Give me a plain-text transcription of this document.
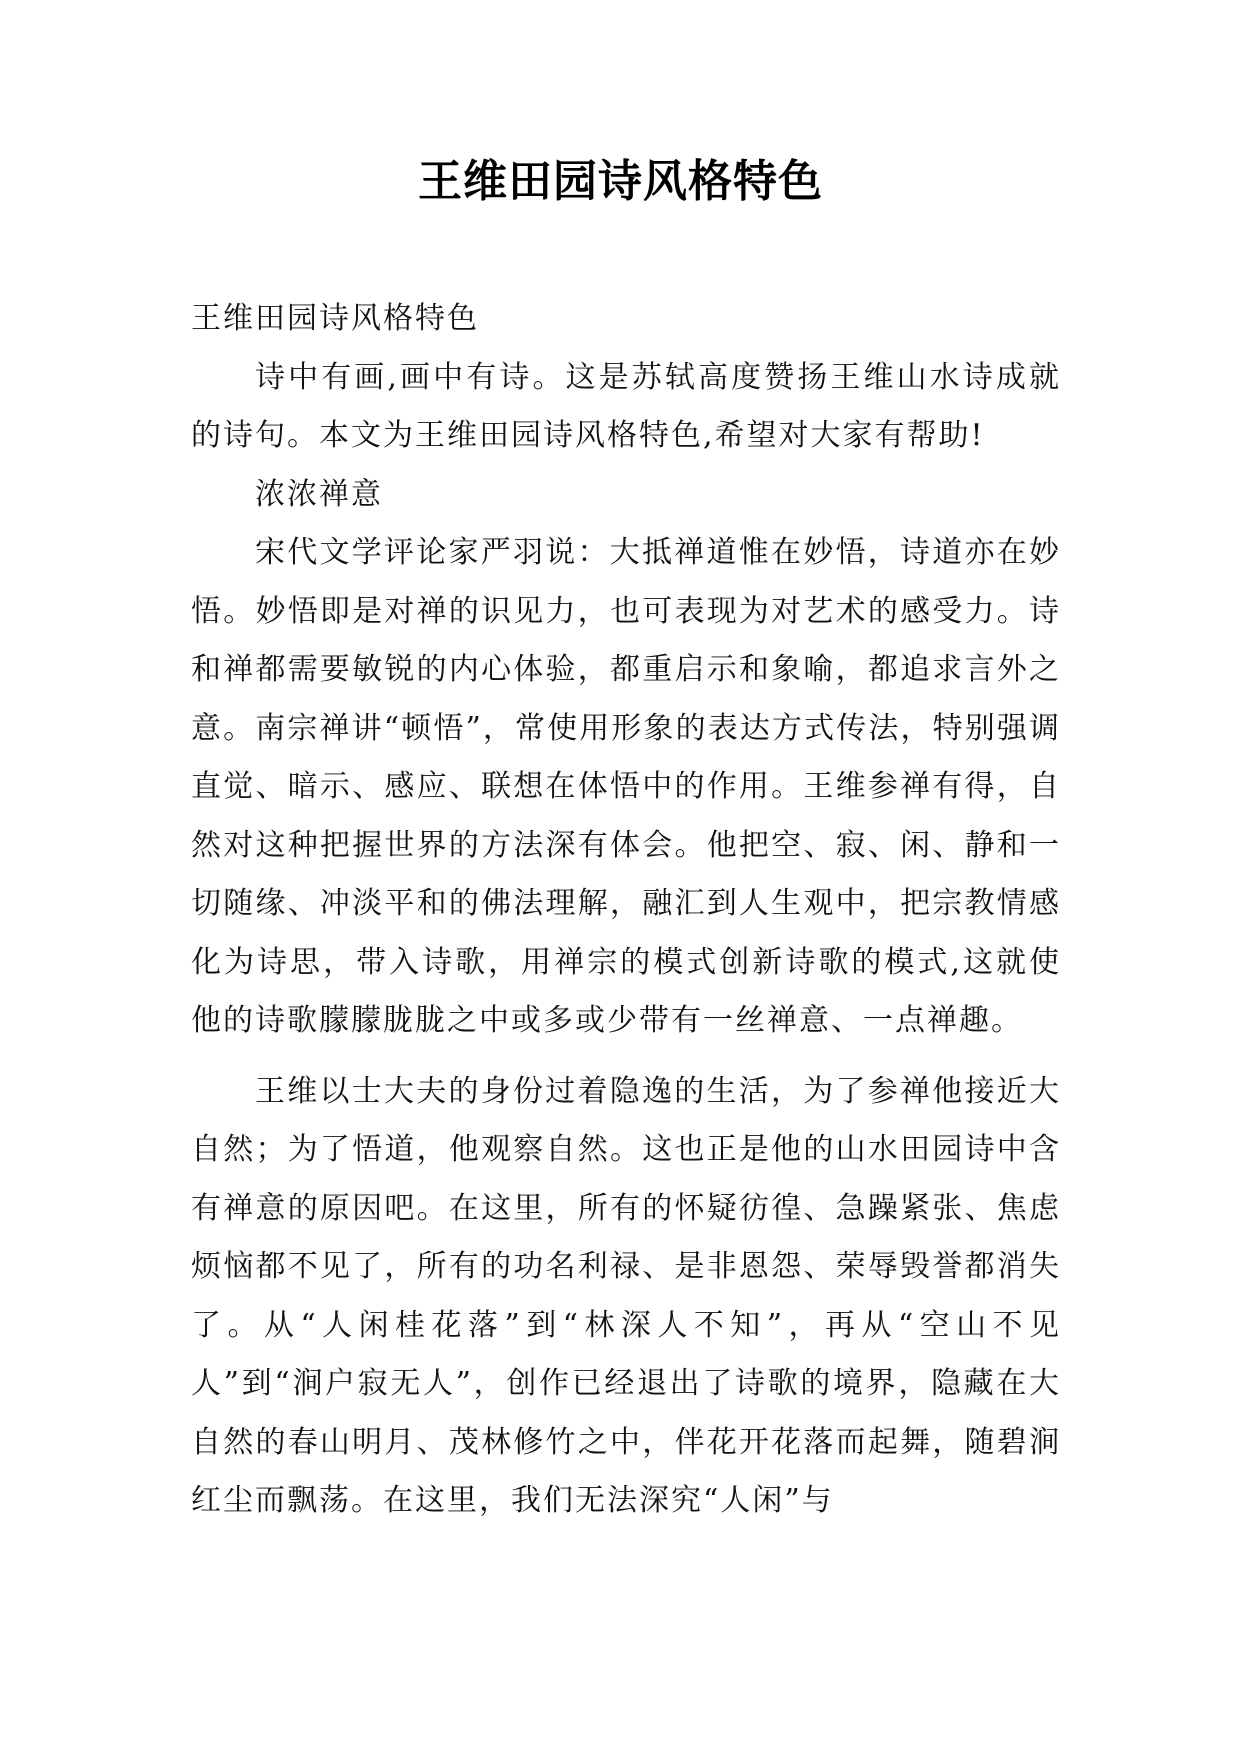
王维田园诗风格特色

王维田园诗风格特色

诗中有画,画中有诗。这是苏轼高度赞扬王维山水诗成就的诗句。本文为王维田园诗风格特色,希望对大家有帮助!

浓浓禅意

宋代文学评论家严羽说：大抵禅道惟在妙悟，诗道亦在妙悟。妙悟即是对禅的识见力，也可表现为对艺术的感受力。诗和禅都需要敏锐的内心体验，都重启示和象喻，都追求言外之意。南宗禅讲“顿悟”，常使用形象的表达方式传法，特别强调直觉、暗示、感应、联想在体悟中的作用。王维参禅有得，自然对这种把握世界的方法深有体会。他把空、寂、闲、静和一切随缘、冲淡平和的佛法理解，融汇到人生观中，把宗教情感化为诗思，带入诗歌，用禅宗的模式创新诗歌的模式,这就使他的诗歌朦朦胧胧之中或多或少带有一丝禅意、一点禅趣。

王维以士大夫的身份过着隐逸的生活，为了参禅他接近大自然；为了悟道，他观察自然。这也正是他的山水田园诗中含有禅意的原因吧。在这里，所有的怀疑彷徨、急躁紧张、焦虑烦恼都不见了，所有的功名利禄、是非恩怨、荣辱毁誉都消失了。从“人闲桂花落”到“林深人不知”，再从“空山不见人”到“涧户寂无人”，创作已经退出了诗歌的境界，隐藏在大自然的春山明月、茂林修竹之中，伴花开花落而起舞，随碧涧红尘而飘荡。在这里，我们无法深究“人闲”与
